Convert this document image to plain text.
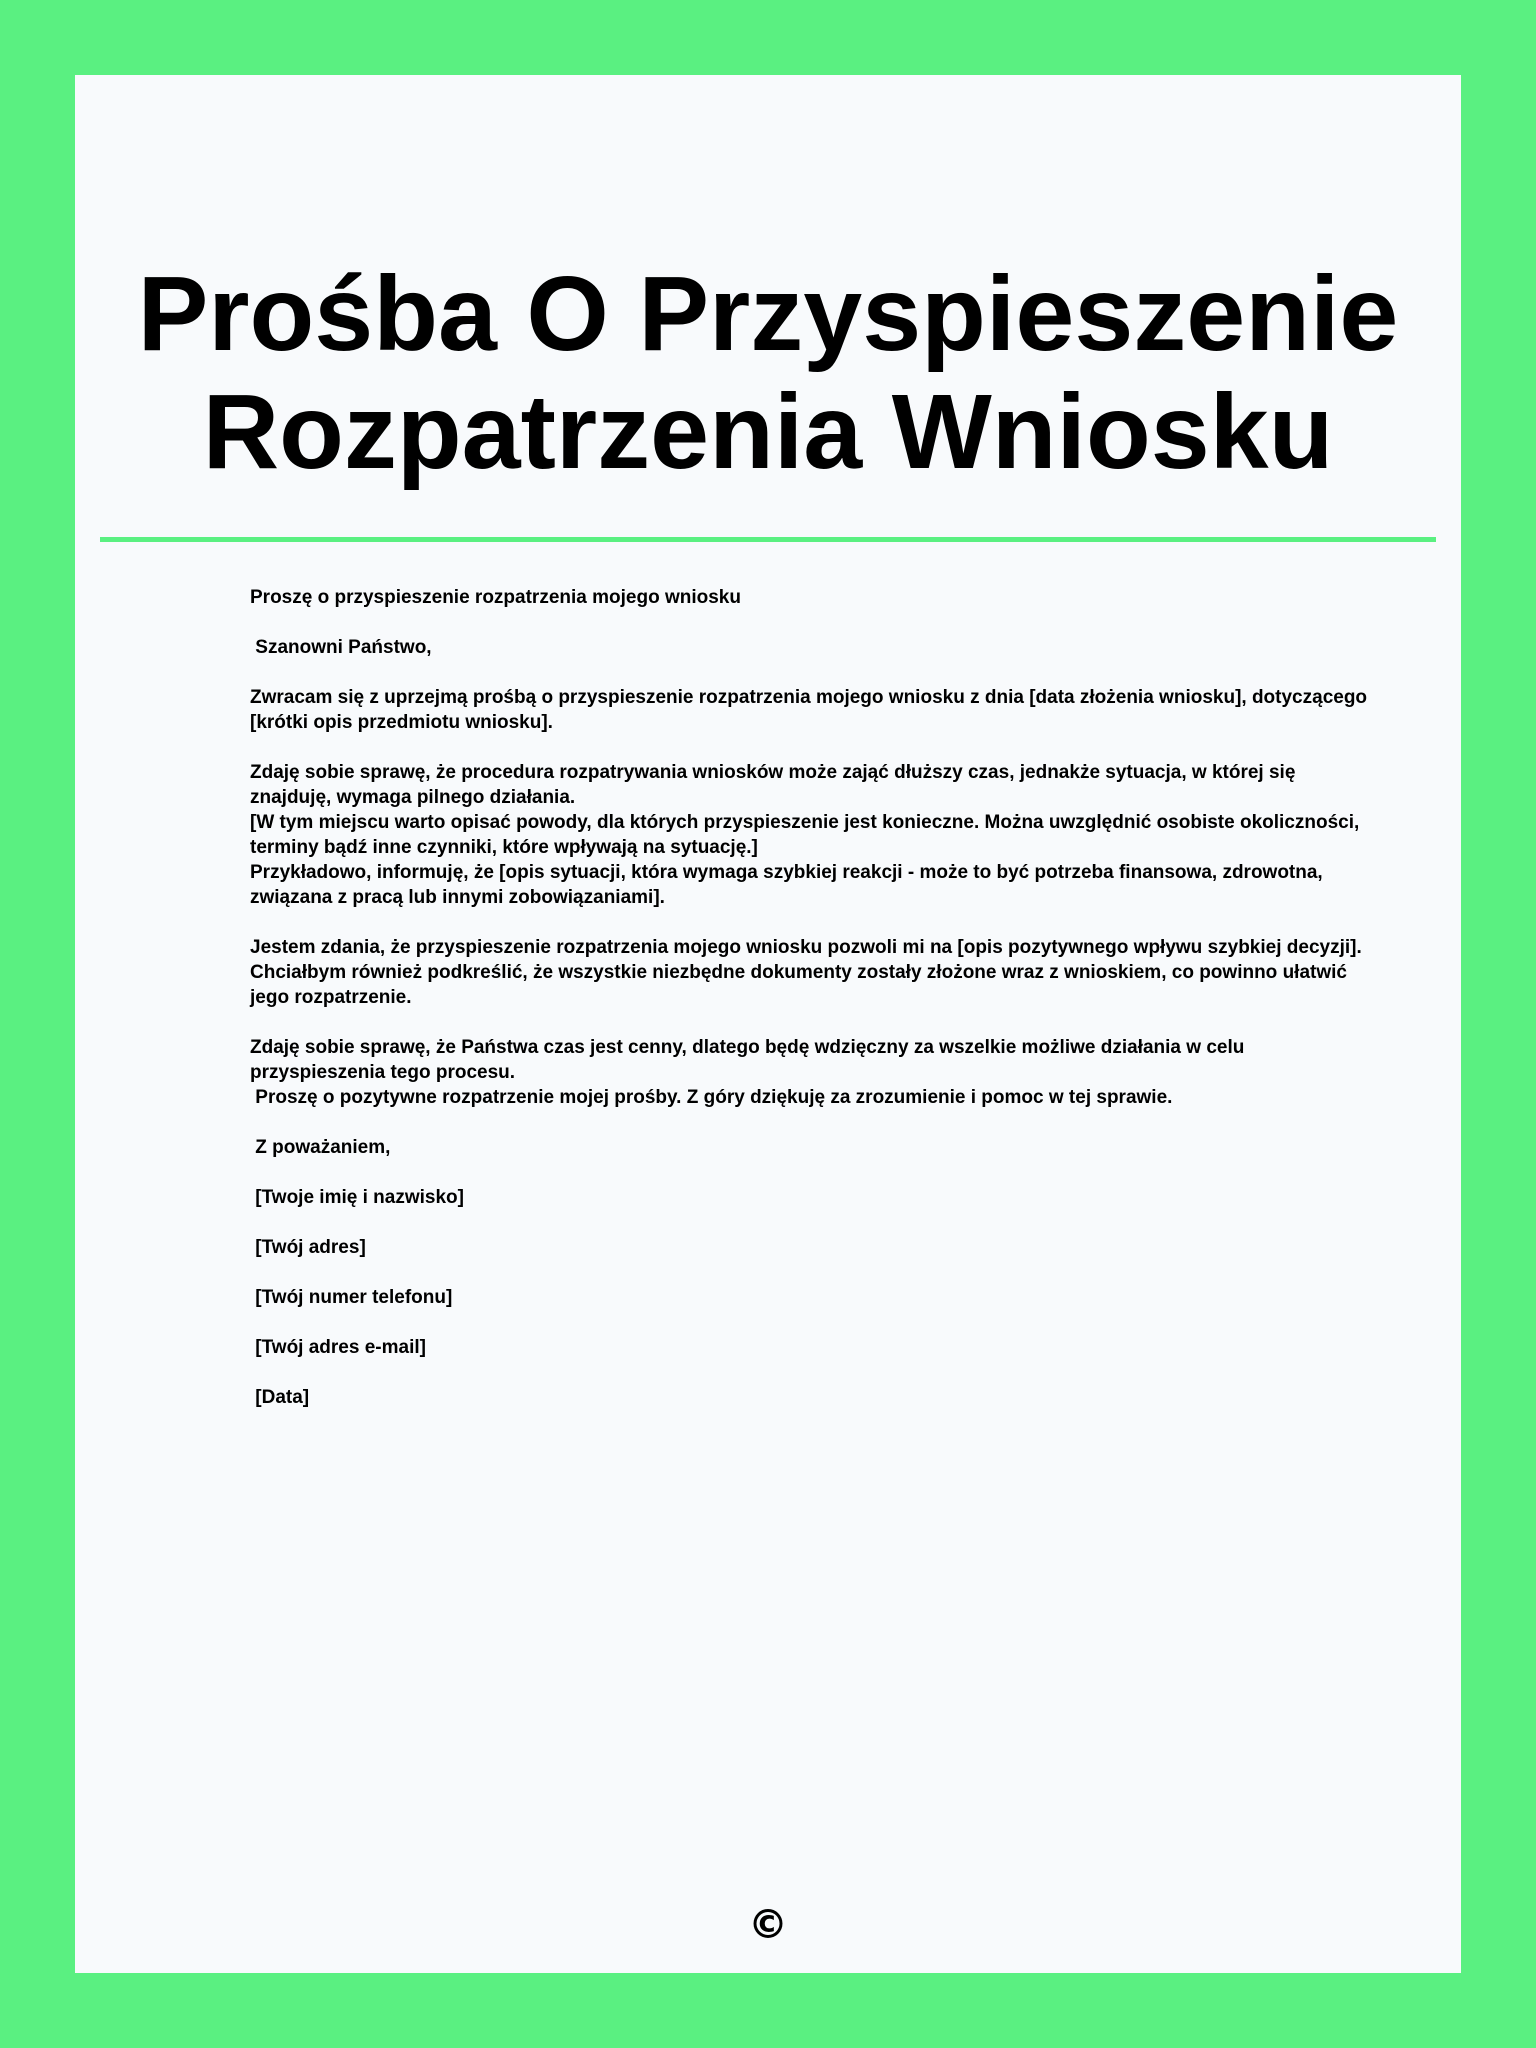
Prośba O Przyspieszenie
Rozpatrzenia Wniosku

Proszę o przyspieszenie rozpatrzenia mojego wniosku

Szanowni Państwo,

Zwracam się z uprzejmą prośbą o przyspieszenie rozpatrzenia mojego wniosku z dnia [data złożenia wniosku], dotyczącego [krótki opis przedmiotu wniosku].

Zdaję sobie sprawę, że procedura rozpatrywania wniosków może zająć dłuższy czas, jednakże sytuacja, w której się znajduję, wymaga pilnego działania.

[W tym miejscu warto opisać powody, dla których przyspieszenie jest konieczne. Można uwzględnić osobiste okoliczności, terminy bądź inne czynniki, które wpływają na sytuację.]

Przykładowo, informuję, że [opis sytuacji, która wymaga szybkiej reakcji - może to być potrzeba finansowa, zdrowotna, związana z pracą lub innymi zobowiązaniami].

Jestem zdania, że przyspieszenie rozpatrzenia mojego wniosku pozwoli mi na [opis pozytywnego wpływu szybkiej decyzji].

Chciałbym również podkreślić, że wszystkie niezbędne dokumenty zostały złożone wraz z wnioskiem, co powinno ułatwić jego rozpatrzenie.

Zdaję sobie sprawę, że Państwa czas jest cenny, dlatego będę wdzięczny za wszelkie możliwe działania w celu przyspieszenia tego procesu.

Proszę o pozytywne rozpatrzenie mojej prośby. Z góry dziękuję za zrozumienie i pomoc w tej sprawie.

Z poważaniem,

[Twoje imię i nazwisko]

[Twój adres]

[Twój numer telefonu]

[Twój adres e-mail]

[Data]

©
